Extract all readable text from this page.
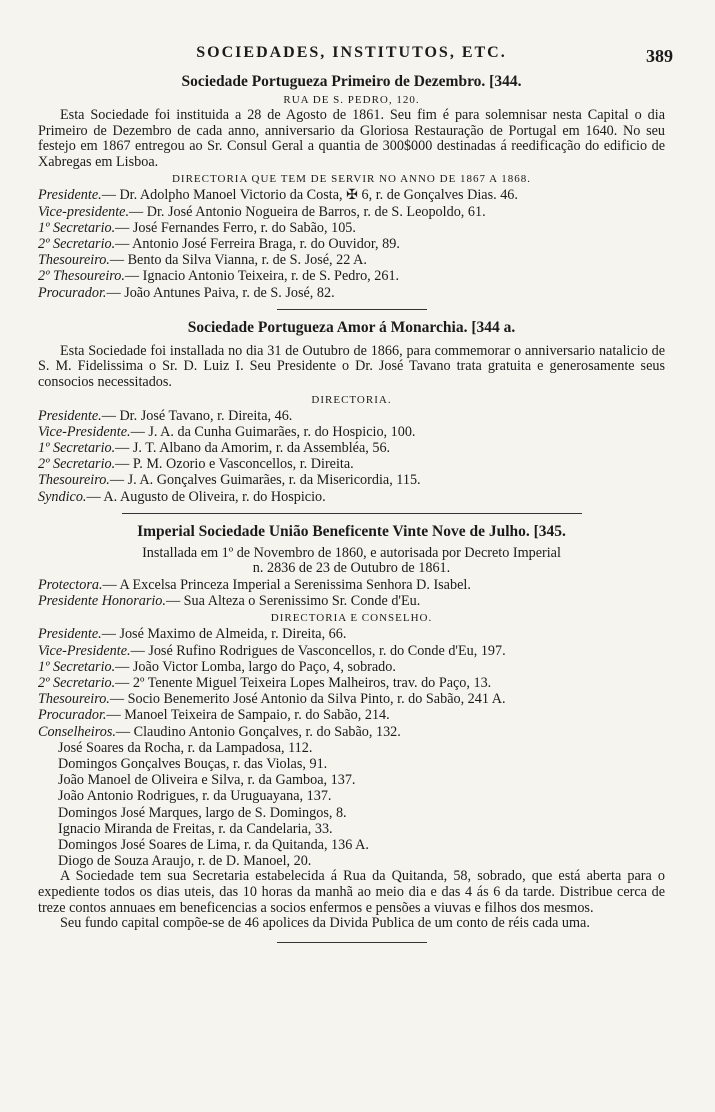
SOCIEDADES, INSTITUTOS, ETC.	389
Sociedade Portugueza Primeiro de Dezembro. [344.
RUA DE S. PEDRO, 120.

Esta Sociedade foi instituida a 28 de Agosto de 1861. Seu fim é para solemnisar nesta Capital o dia Primeiro de Dezembro de cada anno, anniversario da Gloriosa Restauração de Portugal em 1640. No seu festejo em 1867 entregou ao Sr. Consul Geral a quantia de 300$000 destinadas á reedificação do edificio de Xabregas em Lisboa.

DIRECTORIA QUE TEM DE SERVIR NO ANNO DE 1867 A 1868.
Presidente.— Dr. Adolpho Manoel Victorio da Costa, ✠ 6, r. de Gonçalves Dias. 46.
Vice-presidente.— Dr. José Antonio Nogueira de Barros, r. de S. Leopoldo, 61.
1º Secretario.— José Fernandes Ferro, r. do Sabão, 105.
2º Secretario.— Antonio José Ferreira Braga, r. do Ouvidor, 89.
Thesoureiro.— Bento da Silva Vianna, r. de S. José, 22 A.
2º Thesoureiro.— Ignacio Antonio Teixeira, r. de S. Pedro, 261.
Procurador.— João Antunes Paiva, r. de S. José, 82.
Sociedade Portugueza Amor á Monarchia. [344 a.

Esta Sociedade foi installada no dia 31 de Outubro de 1866, para commemorar o anniversario natalicio de S. M. Fidelissima o Sr. D. Luiz I. Seu Presidente o Dr. José Tavano trata gratuita e generosamente seus consocios necessitados.

DIRECTORIA.
Presidente.— Dr. José Tavano, r. Direita, 46.
Vice-Presidente.— J. A. da Cunha Guimarães, r. do Hospicio, 100.
1º Secretario.— J. T. Albano da Amorim, r. da Assembléa, 56.
2º Secretario.— P. M. Ozorio e Vasconcellos, r. Direita.
Thesoureiro.— J. A. Gonçalves Guimarães, r. da Misericordia, 115.
Syndico.— A. Augusto de Oliveira, r. do Hospicio.
Imperial Sociedade União Beneficente Vinte Nove de Julho. [345.
Installada em 1º de Novembro de 1860, e autorisada por Decreto Imperial
n. 2836 de 23 de Outubro de 1861.
Protectora.— A Excelsa Princeza Imperial a Serenissima Senhora D. Isabel.
Presidente Honorario.— Sua Alteza o Serenissimo Sr. Conde d'Eu.
DIRECTORIA E CONSELHO.
Presidente.— José Maximo de Almeida, r. Direita, 66.
Vice-Presidente.— José Rufino Rodrigues de Vasconcellos, r. do Conde d'Eu, 197.
1º Secretario.— João Victor Lomba, largo do Paço, 4, sobrado.
2º Secretario.— 2º Tenente Miguel Teixeira Lopes Malheiros, trav. do Paço, 13.
Thesoureiro.— Socio Benemerito José Antonio da Silva Pinto, r. do Sabão, 241 A.
Procurador.— Manoel Teixeira de Sampaio, r. do Sabão, 214.
Conselheiros.— Claudino Antonio Gonçalves, r. do Sabão, 132.
José Soares da Rocha, r. da Lampadosa, 112.
Domingos Gonçalves Bouças, r. das Violas, 91.
João Manoel de Oliveira e Silva, r. da Gamboa, 137.
João Antonio Rodrigues, r. da Uruguayana, 137.
Domingos José Marques, largo de S. Domingos, 8.
Ignacio Miranda de Freitas, r. da Candelaria, 33.
Domingos José Soares de Lima, r. da Quitanda, 136 A.
Diogo de Souza Araujo, r. de D. Manoel, 20.

A Sociedade tem sua Secretaria estabelecida á Rua da Quitanda, 58, sobrado, que está aberta para o expediente todos os dias uteis, das 10 horas da manhã ao meio dia e das 4 ás 6 da tarde. Distribue cerca de treze contos annuaes em beneficencias a socios enfermos e pensões a viuvas e filhos dos mesmos.

Seu fundo capital compõe-se de 46 apolices da Divida Publica de um conto de réis cada uma.
